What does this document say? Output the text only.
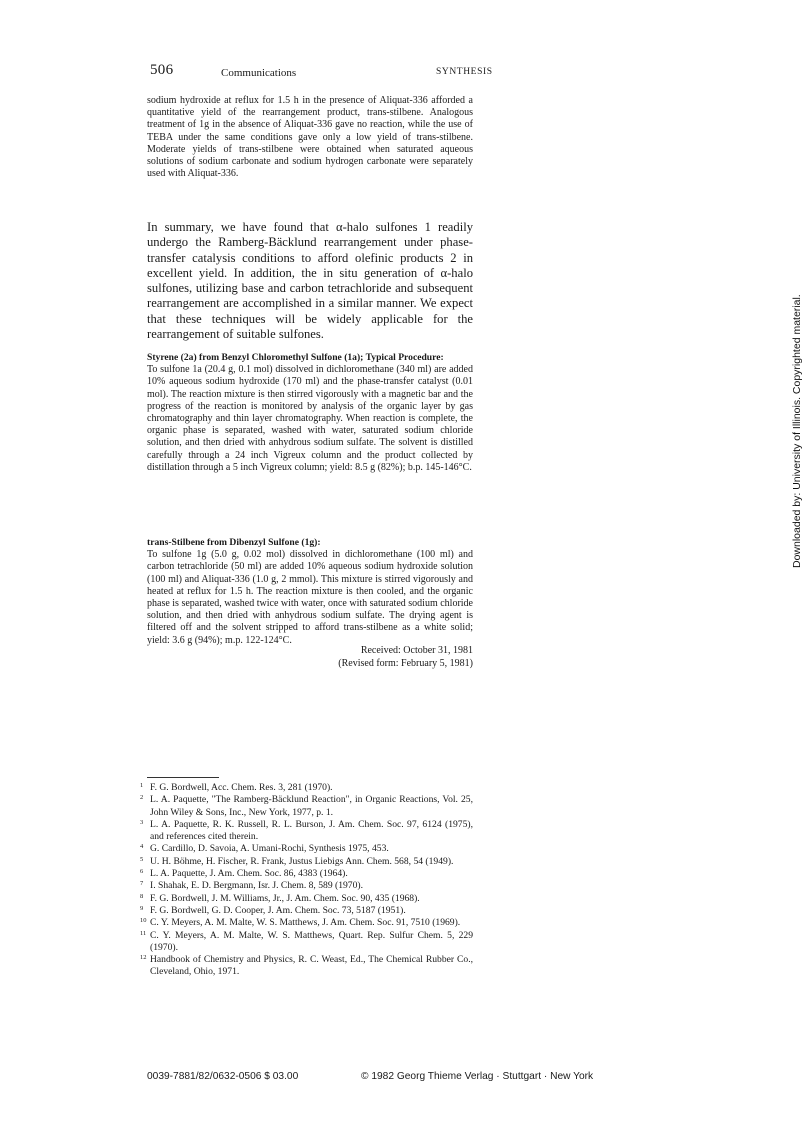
506	Communications	SYNTHESIS

sodium hydroxide at reflux for 1.5 h in the presence of Aliquat-336 afforded a quantitative yield of the rearrangement product, trans-stilbene. Analogous treatment of 1g in the absence of Aliquat-336 gave no reaction, while the use of TEBA under the same conditions gave only a low yield of trans-stilbene. Moderate yields of trans-stilbene were obtained when saturated aqueous solutions of sodium carbonate and sodium hydrogen carbonate were separately used with Aliquat-336.

In summary, we have found that α-halo sulfones 1 readily undergo the Ramberg-Bäcklund rearrangement under phase-transfer catalysis conditions to afford olefinic products 2 in excellent yield. In addition, the in situ generation of α-halo sulfones, utilizing base and carbon tetrachloride and subsequent rearrangement are accomplished in a similar manner. We expect that these techniques will be widely applicable for the rearrangement of suitable sulfones.

Styrene (2a) from Benzyl Chloromethyl Sulfone (1a); Typical Procedure:

To sulfone 1a (20.4 g, 0.1 mol) dissolved in dichloromethane (340 ml) are added 10% aqueous sodium hydroxide (170 ml) and the phase-transfer catalyst (0.01 mol). The reaction mixture is then stirred vigorously with a magnetic bar and the progress of the reaction is monitored by analysis of the organic layer by gas chromatography and thin layer chromatography. When reaction is complete, the organic phase is separated, washed with water, saturated sodium chloride solution, and then dried with anhydrous sodium sulfate. The solvent is distilled carefully through a 24 inch Vigreux column and the product collected by distillation through a 5 inch Vigreux column; yield: 8.5 g (82%); b.p. 145-146°C.

trans-Stilbene from Dibenzyl Sulfone (1g):

To sulfone 1g (5.0 g, 0.02 mol) dissolved in dichloromethane (100 ml) and carbon tetrachloride (50 ml) are added 10% aqueous sodium hydroxide solution (100 ml) and Aliquat-336 (1.0 g, 2 mmol). This mixture is stirred vigorously and heated at reflux for 1.5 h. The reaction mixture is then cooled, and the organic phase is separated, washed twice with water, once with saturated sodium chloride solution, and then dried with anhydrous sodium sulfate. The drying agent is filtered off and the solvent stripped to afford trans-stilbene as a white solid; yield: 3.6 g (94%); m.p. 122-124°C.

Received: October 31, 1981

(Revised form: February 5, 1981)

1 F. G. Bordwell, Acc. Chem. Res. 3, 281 (1970).
2 L. A. Paquette, "The Ramberg-Bäcklund Reaction", in Organic Reactions, Vol. 25, John Wiley & Sons, Inc., New York, 1977, p. 1.
3 L. A. Paquette, R. K. Russell, R. L. Burson, J. Am. Chem. Soc. 97, 6124 (1975), and references cited therein.
4 G. Cardillo, D. Savoia, A. Umani-Rochi, Synthesis 1975, 453.
5 U. H. Böhme, H. Fischer, R. Frank, Justus Liebigs Ann. Chem. 568, 54 (1949).
6 L. A. Paquette, J. Am. Chem. Soc. 86, 4383 (1964).
7 I. Shahak, E. D. Bergmann, Isr. J. Chem. 8, 589 (1970).
8 F. G. Bordwell, J. M. Williams, Jr., J. Am. Chem. Soc. 90, 435 (1968).
9 F. G. Bordwell, G. D. Cooper, J. Am. Chem. Soc. 73, 5187 (1951).
10 C. Y. Meyers, A. M. Malte, W. S. Matthews, J. Am. Chem. Soc. 91, 7510 (1969).
11 C. Y. Meyers, A. M. Malte, W. S. Matthews, Quart. Rep. Sulfur Chem. 5, 229 (1970).
12 Handbook of Chemistry and Physics, R. C. Weast, Ed., The Chemical Rubber Co., Cleveland, Ohio, 1971.
0039-7881/82/0632-0506 $ 03.00	© 1982 Georg Thieme Verlag · Stuttgart · New York
Downloaded by: University of Illinois. Copyrighted material.
